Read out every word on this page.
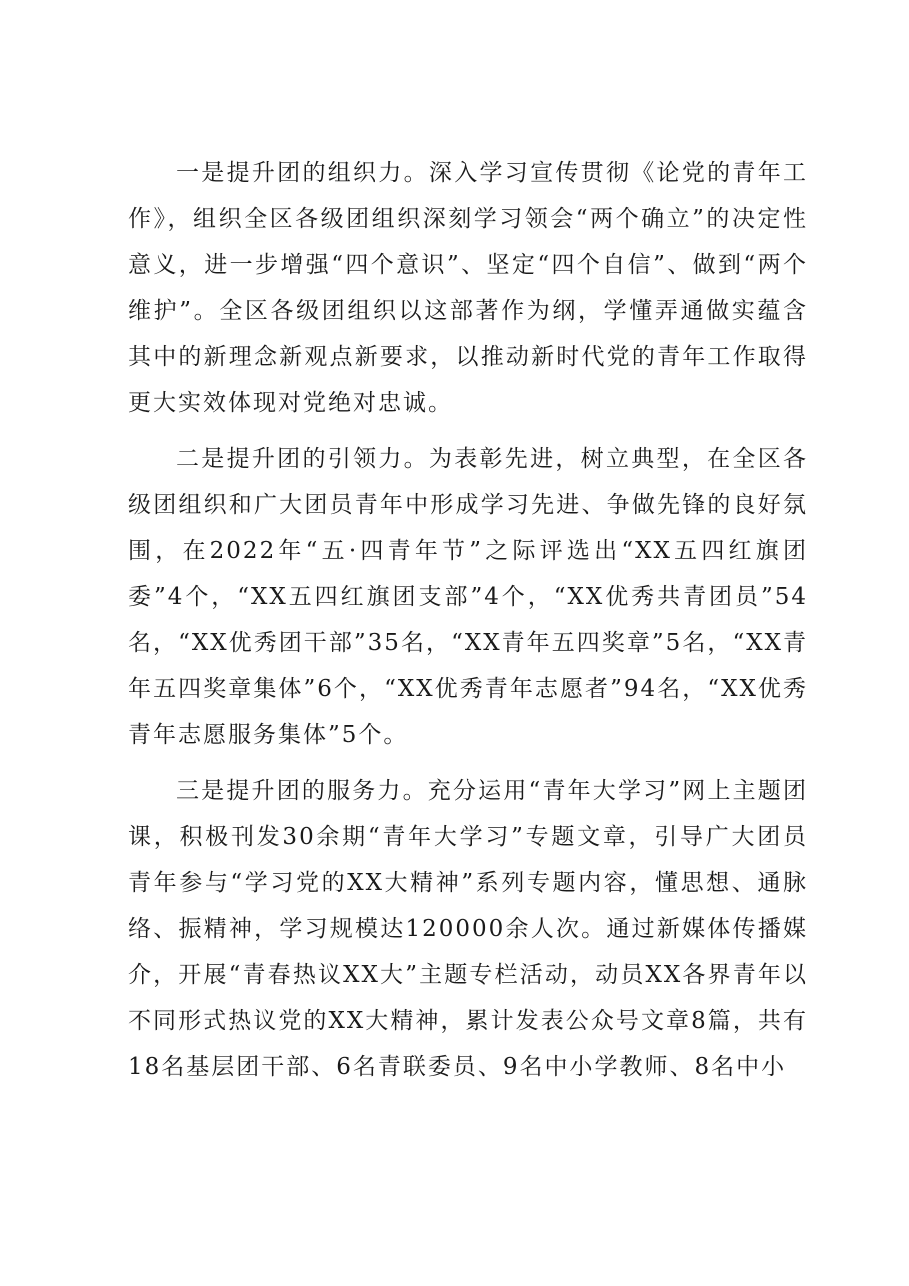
一是提升团的组织力。深入学习宣传贯彻《论党的青年工作》，组织全区各级团组织深刻学习领会“两个确立”的决定性意义，进一步增强“四个意识”、坚定“四个自信”、做到“两个维护”。全区各级团组织以这部著作为纲，学懂弄通做实蕴含其中的新理念新观点新要求，以推动新时代党的青年工作取得更大实效体现对党绝对忠诚。

二是提升团的引领力。为表彰先进，树立典型，在全区各级团组织和广大团员青年中形成学习先进、争做先锋的良好氛围，在2022年“五·四青年节”之际评选出“XX五四红旗团委”4个，“XX五四红旗团支部”4个，“XX优秀共青团员”54名，“XX优秀团干部”35名，“XX青年五四奖章”5名，“XX青年五四奖章集体”6个，“XX优秀青年志愿者”94名，“XX优秀青年志愿服务集体”5个。

三是提升团的服务力。充分运用“青年大学习”网上主题团课，积极刊发30余期“青年大学习”专题文章，引导广大团员青年参与“学习党的XX大精神”系列专题内容，懂思想、通脉络、振精神，学习规模达120000余人次。通过新媒体传播媒介，开展“青春热议XX大”主题专栏活动，动员XX各界青年以不同形式热议党的XX大精神，累计发表公众号文章8篇，共有18名基层团干部、6名青联委员、9名中小学教师、8名中小
